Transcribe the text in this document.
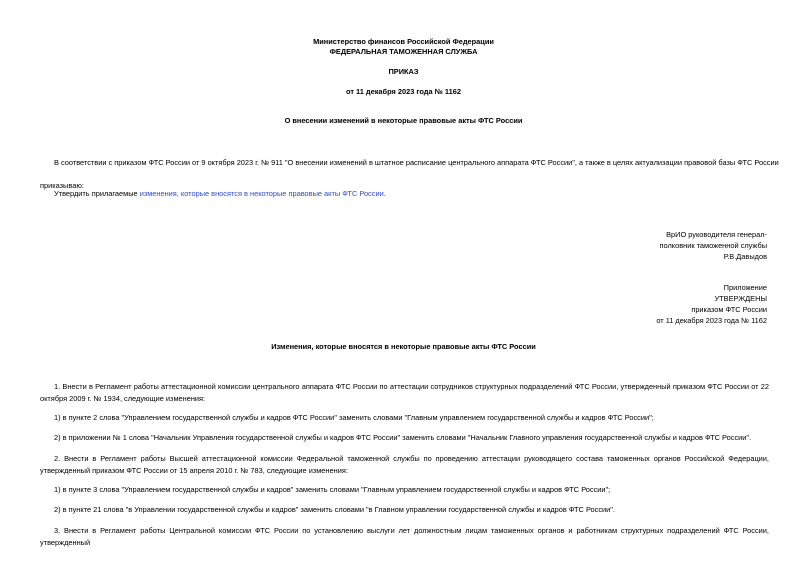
Министерство финансов Российской Федерации
ФЕДЕРАЛЬНАЯ ТАМОЖЕННАЯ СЛУЖБА
ПРИКАЗ
от 11 декабря 2023 года № 1162
О внесении изменений в некоторые правовые акты ФТС России
В соответствии с приказом ФТС России от 9 октября 2023 г. № 911 "О внесении изменений в штатное расписание центрального аппарата ФТС России", а также в целях актуализации правовой базы ФТС России
приказываю:
Утвердить прилагаемые изменения, которые вносятся в некоторые правовые акты ФТС России.
ВрИО руководителя генерал-
полковник таможенной службы
Р.В.Давыдов
Приложение
УТВЕРЖДЕНЫ
приказом ФТС России
от 11 декабря 2023 года № 1162
Изменения, которые вносятся в некоторые правовые акты ФТС России
1. Внести в Регламент работы аттестационной комиссии центрального аппарата ФТС России по аттестации сотрудников структурных подразделений ФТС России, утвержденный приказом ФТС России от 22 октября 2009 г. № 1934, следующие изменения:
1) в пункте 2 слова "Управлением государственной службы и кадров ФТС России" заменить словами "Главным управлением государственной службы и кадров ФТС России";
2) в приложении № 1 слова "Начальник Управления государственной службы и кадров ФТС России" заменить словами "Начальник Главного управления государственной службы и кадров ФТС России".
2. Внести в Регламент работы Высшей аттестационной комиссии Федеральной таможенной службы по проведению аттестации руководящего состава таможенных органов Российской Федерации, утвержденный приказом ФТС России от 15 апреля 2010 г. № 783, следующие изменения:
1) в пункте 3 слова "Управлением государственной службы и кадров" заменить словами "Главным управлением государственной службы и кадров ФТС России";
2) в пункте 21 слова "в Управлении государственной службы и кадров" заменить словами "в Главном управлении государственной службы и кадров ФТС России".
3. Внести в Регламент работы Центральной комиссии ФТС России по установлению выслуги лет должностным лицам таможенных органов и работникам структурных подразделений ФТС России, утвержденный
